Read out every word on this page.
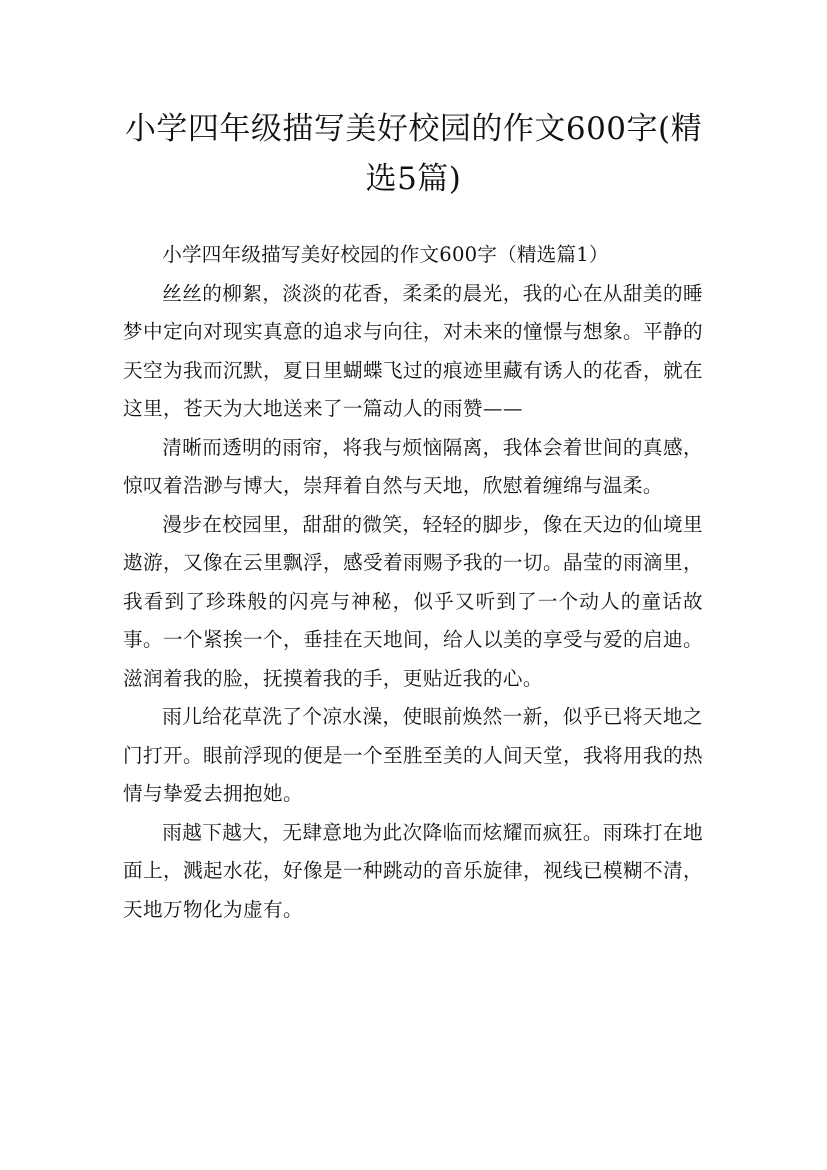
小学四年级描写美好校园的作文600字(精选5篇)

小学四年级描写美好校园的作文600字（精选篇1）

丝丝的柳絮，淡淡的花香，柔柔的晨光，我的心在从甜美的睡梦中定向对现实真意的追求与向往，对未来的憧憬与想象。平静的天空为我而沉默，夏日里蝴蝶飞过的痕迹里藏有诱人的花香，就在这里，苍天为大地送来了一篇动人的雨赞——

清晰而透明的雨帘，将我与烦恼隔离，我体会着世间的真感，惊叹着浩渺与博大，崇拜着自然与天地，欣慰着缠绵与温柔。

漫步在校园里，甜甜的微笑，轻轻的脚步，像在天边的仙境里遨游，又像在云里飘浮，感受着雨赐予我的一切。晶莹的雨滴里，我看到了珍珠般的闪亮与神秘，似乎又听到了一个动人的童话故事。一个紧挨一个，垂挂在天地间，给人以美的享受与爱的启迪。滋润着我的脸，抚摸着我的手，更贴近我的心。

雨儿给花草洗了个凉水澡，使眼前焕然一新，似乎已将天地之门打开。眼前浮现的便是一个至胜至美的人间天堂，我将用我的热情与挚爱去拥抱她。

雨越下越大，无肆意地为此次降临而炫耀而疯狂。雨珠打在地面上，溅起水花，好像是一种跳动的音乐旋律，视线已模糊不清，天地万物化为虚有。
